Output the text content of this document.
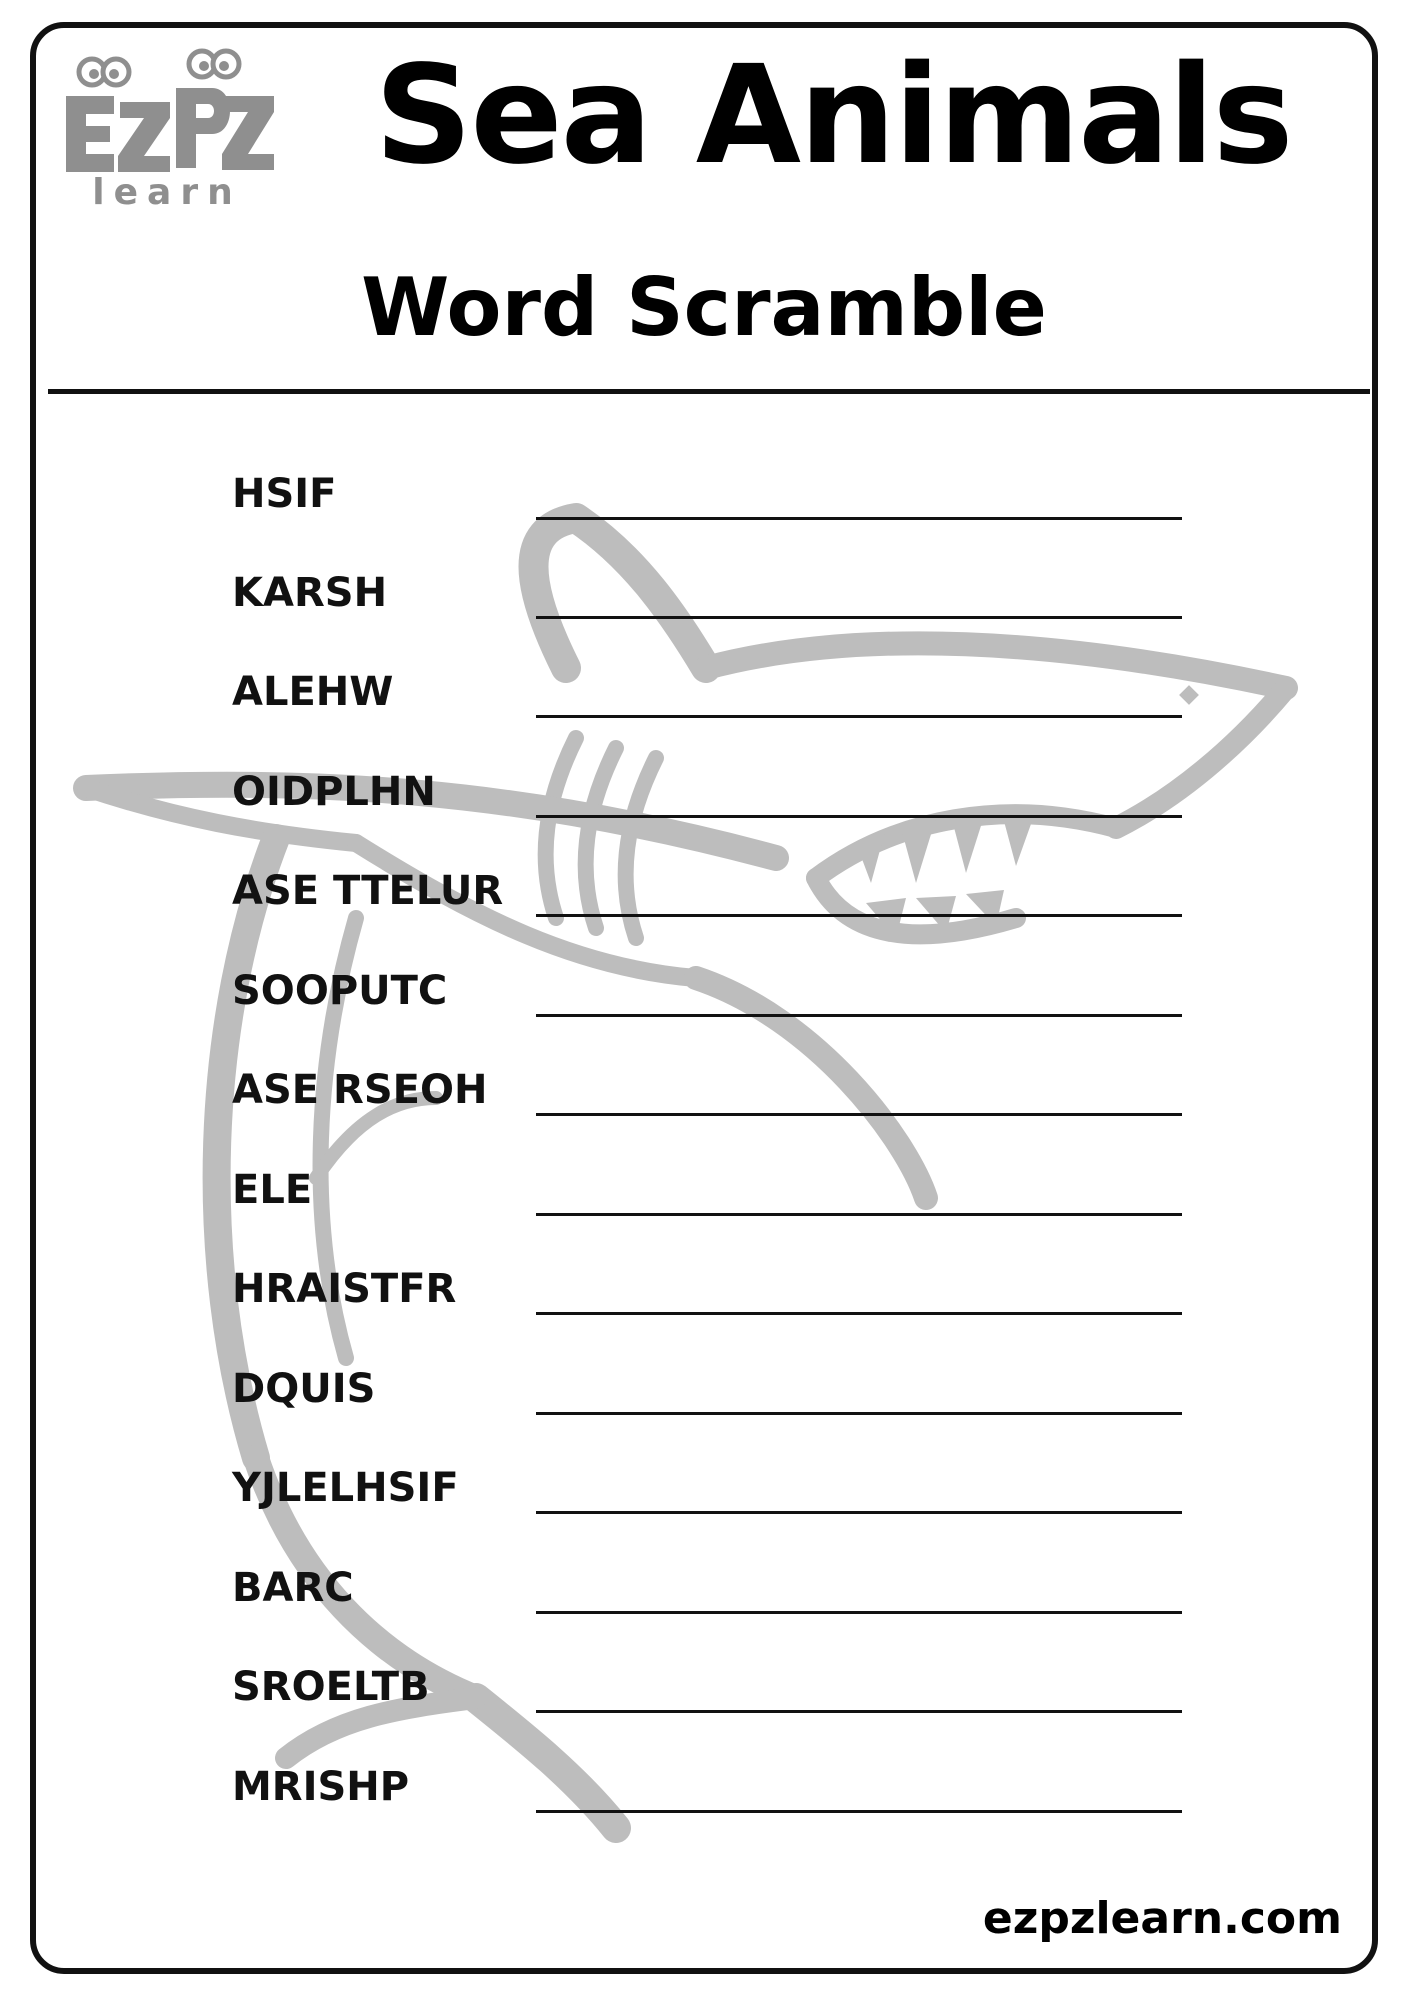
learn Sea Animals
Word Scramble
HSIF
KARSH
ALEHW
OIDPLHN
ASE TTELUR
SOOPUTC
ASE RSEOH
ELE
HRAISTFR
DQUIS
YJLELHSIF
BARC
SROELTB
MRISHP
ezpzlearn.com
